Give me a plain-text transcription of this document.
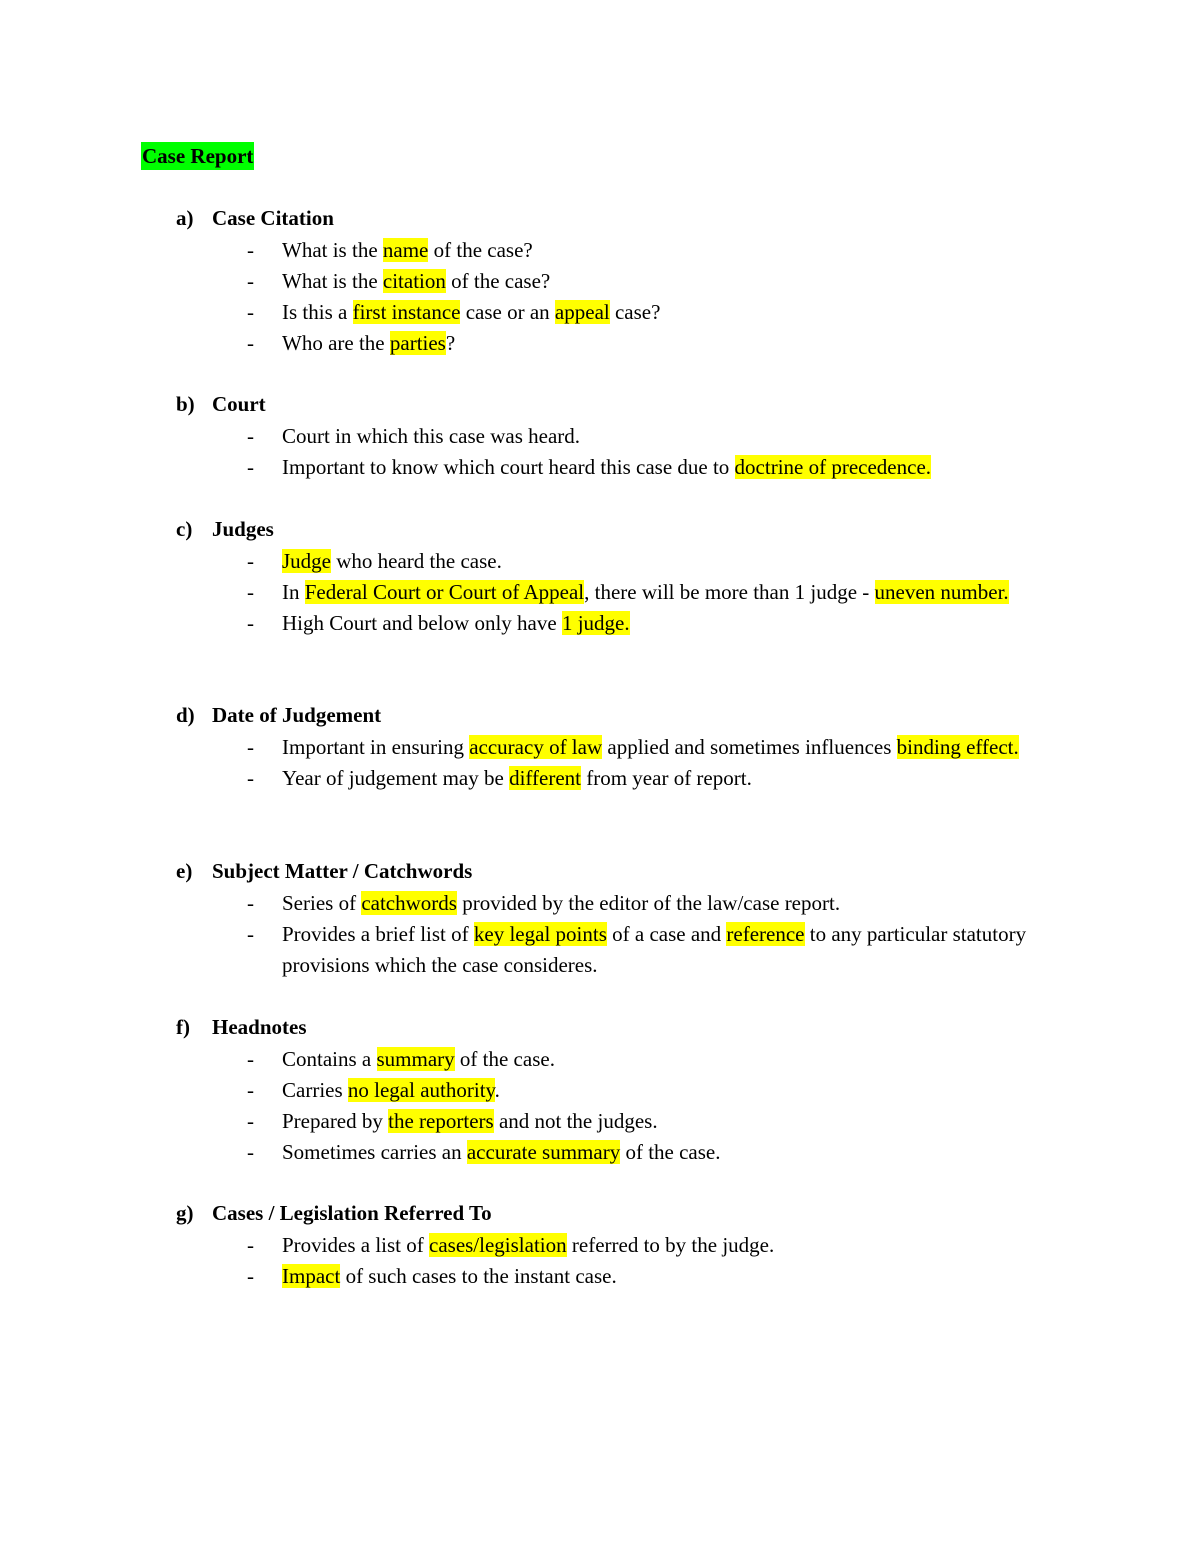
Case Report
a) Case Citation
- What is the name of the case?
- What is the citation of the case?
- Is this a first instance case or an appeal case?
- Who are the parties?
b) Court
- Court in which this case was heard.
- Important to know which court heard this case due to doctrine of precedence.
c) Judges
- Judge who heard the case.
- In Federal Court or Court of Appeal, there will be more than 1 judge - uneven number.
- High Court and below only have 1 judge.
d) Date of Judgement
- Important in ensuring accuracy of law applied and sometimes influences binding effect.
- Year of judgement may be different from year of report.
e) Subject Matter / Catchwords
- Series of catchwords provided by the editor of the law/case report.
- Provides a brief list of key legal points of a case and reference to any particular statutory provisions which the case consideres.
f) Headnotes
- Contains a summary of the case.
- Carries no legal authority.
- Prepared by the reporters and not the judges.
- Sometimes carries an accurate summary of the case.
g) Cases / Legislation Referred To
- Provides a list of cases/legislation referred to by the judge.
- Impact of such cases to the instant case.
